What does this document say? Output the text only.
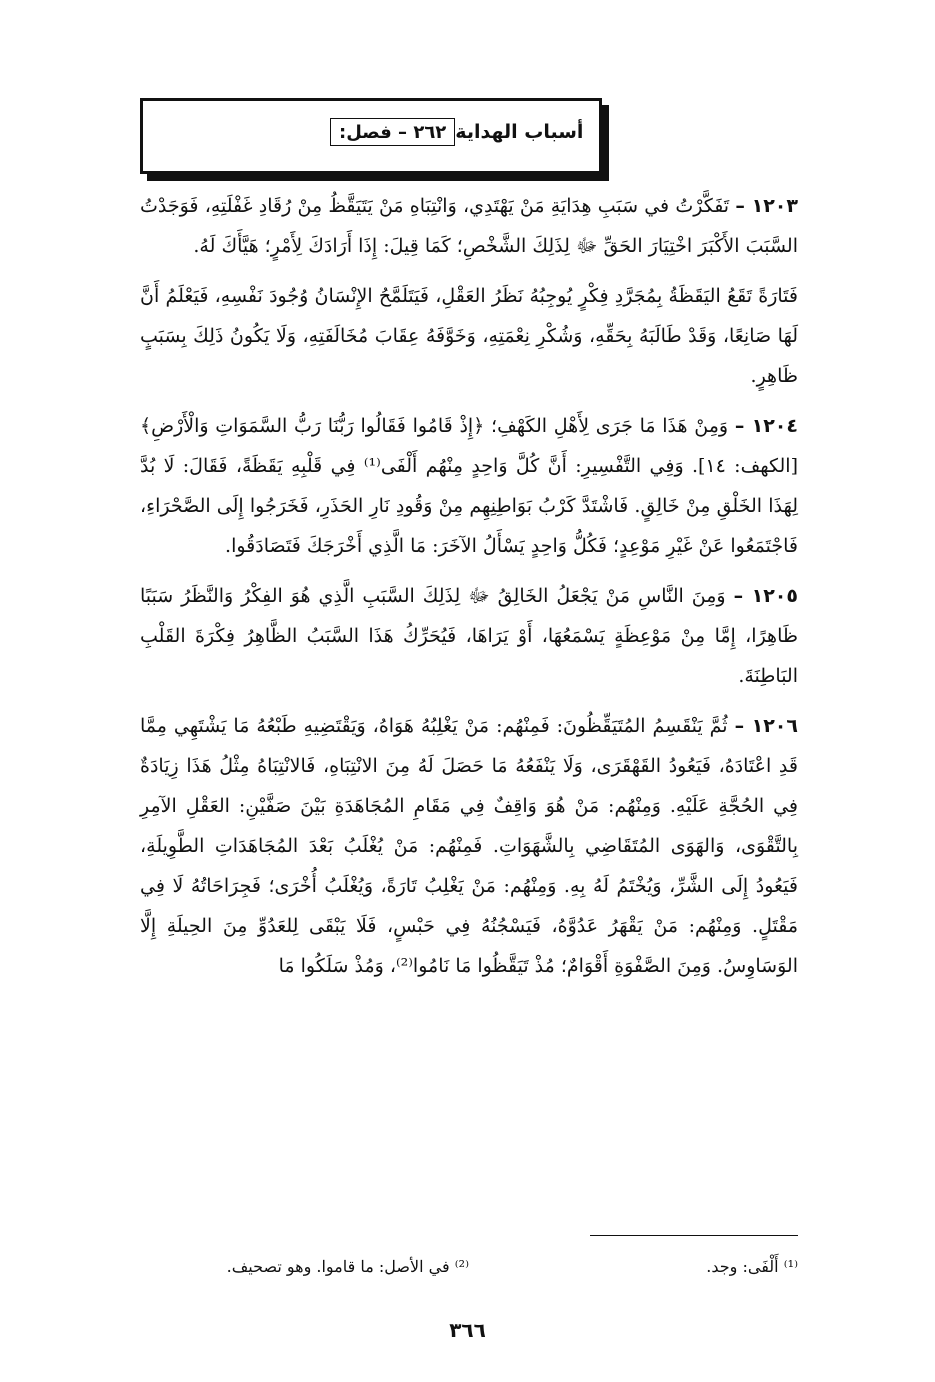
٢٦٢ – فصل: أسباب الهداية

١٢٠٣ – تَفَكَّرْتُ في سَبَبِ هِدَايَةِ مَنْ يَهْتَدِي، وَانْتِبَاهِ مَنْ يَتَيَقَّظُ مِنْ رُقَادِ غَفْلَتِهِ، فَوَجَدْتُ السَّبَبَ الأَكْبَرَ اخْتِيَارَ الحَقِّ ﷻ لِذَلِكَ الشَّخْصِ؛ كَمَا قِيلَ: إِذَا أَرَادَكَ لِأَمْرٍ؛ هَيَّأَكَ لَهُ.

فَتَارَةً تَقَعُ اليَقَظَةُ بِمُجَرَّدِ فِكْرٍ يُوجِبُهُ نَظَرُ العَقْلِ، فَيَتَلَمَّحُ الإِنْسَانُ وُجُودَ نَفْسِهِ، فَيَعْلَمُ أَنَّ لَهَا صَانِعًا، وَقَدْ طَالَبَهُ بِحَقِّهِ، وَشُكْرِ نِعْمَتِهِ، وَخَوَّفَهُ عِقَابَ مُخَالَفَتِهِ، وَلَا يَكُونُ ذَلِكَ بِسَبَبٍ ظَاهِرٍ.

١٢٠٤ – وَمِنْ هَذَا مَا جَرَى لِأَهْلِ الكَهْفِ؛ ﴿إِذْ قَامُوا فَقَالُوا رَبُّنَا رَبُّ السَّمَوَاتِ وَالْأَرْضِ﴾ [الكهف: ١٤]. وَفِي التَّفْسِيرِ: أَنَّ كُلَّ وَاحِدٍ مِنْهُم أَلْفَى⁽¹⁾ فِي قَلْبِهِ يَقَظَةً، فَقَالَ: لَا بُدَّ لِهَذَا الخَلْقِ مِنْ خَالِقٍ. فَاشْتَدَّ كَرْبُ بَوَاطِنِهِم مِنْ وَقُودِ نَارِ الحَذَرِ، فَخَرَجُوا إِلَى الصَّحْرَاءِ، فَاجْتَمَعُوا عَنْ غَيْرِ مَوْعِدٍ؛ فَكُلُّ وَاحِدٍ يَسْأَلُ الآخَرَ: مَا الَّذِي أَخْرَجَكَ فَتَصَادَقُوا.

١٢٠٥ – وَمِنَ النَّاسِ مَنْ يَجْعَلُ الخَالِقُ ﷻ لِذَلِكَ السَّبَبِ الَّذِي هُوَ الفِكْرُ وَالنَّظَرُ سَبَبًا ظَاهِرًا، إِمَّا مِنْ مَوْعِظَةٍ يَسْمَعُهَا، أَوْ يَرَاهَا، فَيُحَرِّكُ هَذَا السَّبَبُ الظَّاهِرُ فِكْرَةَ القَلْبِ البَاطِنَةَ.

١٢٠٦ – ثُمَّ يَنْقَسِمُ المُتَيَقِّظُونَ: فَمِنْهُم: مَنْ يَغْلِبُهُ هَوَاهُ، وَيَقْتَضِيهِ طَبْعُهُ مَا يَشْتَهِي مِمَّا قَدِ اعْتَادَهُ، فَيَعُودُ القَهْقَرَى، وَلَا يَنْفَعُهُ مَا حَصَلَ لَهُ مِنَ الانْتِبَاهِ، فَالانْتِبَاهُ مِثْلُ هَذَا زِيَادَةٌ فِي الحُجَّةِ عَلَيْهِ. وَمِنْهُم: مَنْ هُوَ وَاقِفٌ فِي مَقَامِ المُجَاهَدَةِ بَيْنَ صَفَّيْنِ: العَقْلِ الآمِرِ بِالتَّقْوَى، وَالهَوَى المُتَقَاضِي بِالشَّهَوَاتِ. فَمِنْهُم: مَنْ يُغْلَبُ بَعْدَ المُجَاهَدَاتِ الطَّوِيلَةِ، فَيَعُودُ إِلَى الشَّرِّ، وَيُخْتَمُ لَهُ بِهِ. وَمِنْهُم: مَنْ يَغْلِبُ تَارَةً، وَيُغْلَبُ أُخْرَى؛ فَجِرَاحَاتُهُ لَا فِي مَقْتَلٍ. وَمِنْهُم: مَنْ يَقْهَرُ عَدُوَّهُ، فَيَسْجُنُهُ فِي حَبْسٍ، فَلَا يَبْقَى لِلعَدُوِّ مِنَ الحِيلَةِ إِلَّا الوَسَاوِسُ. وَمِنَ الصَّفْوَةِ أَقْوَامٌ؛ مُذْ تَيَقَّظُوا مَا نَامُوا⁽²⁾، وَمُذْ سَلَكُوا مَا

⁽¹⁾ أَلْفَى: وجد.
⁽²⁾ في الأصل: ما قاموا. وهو تصحيف.
٣٦٦
